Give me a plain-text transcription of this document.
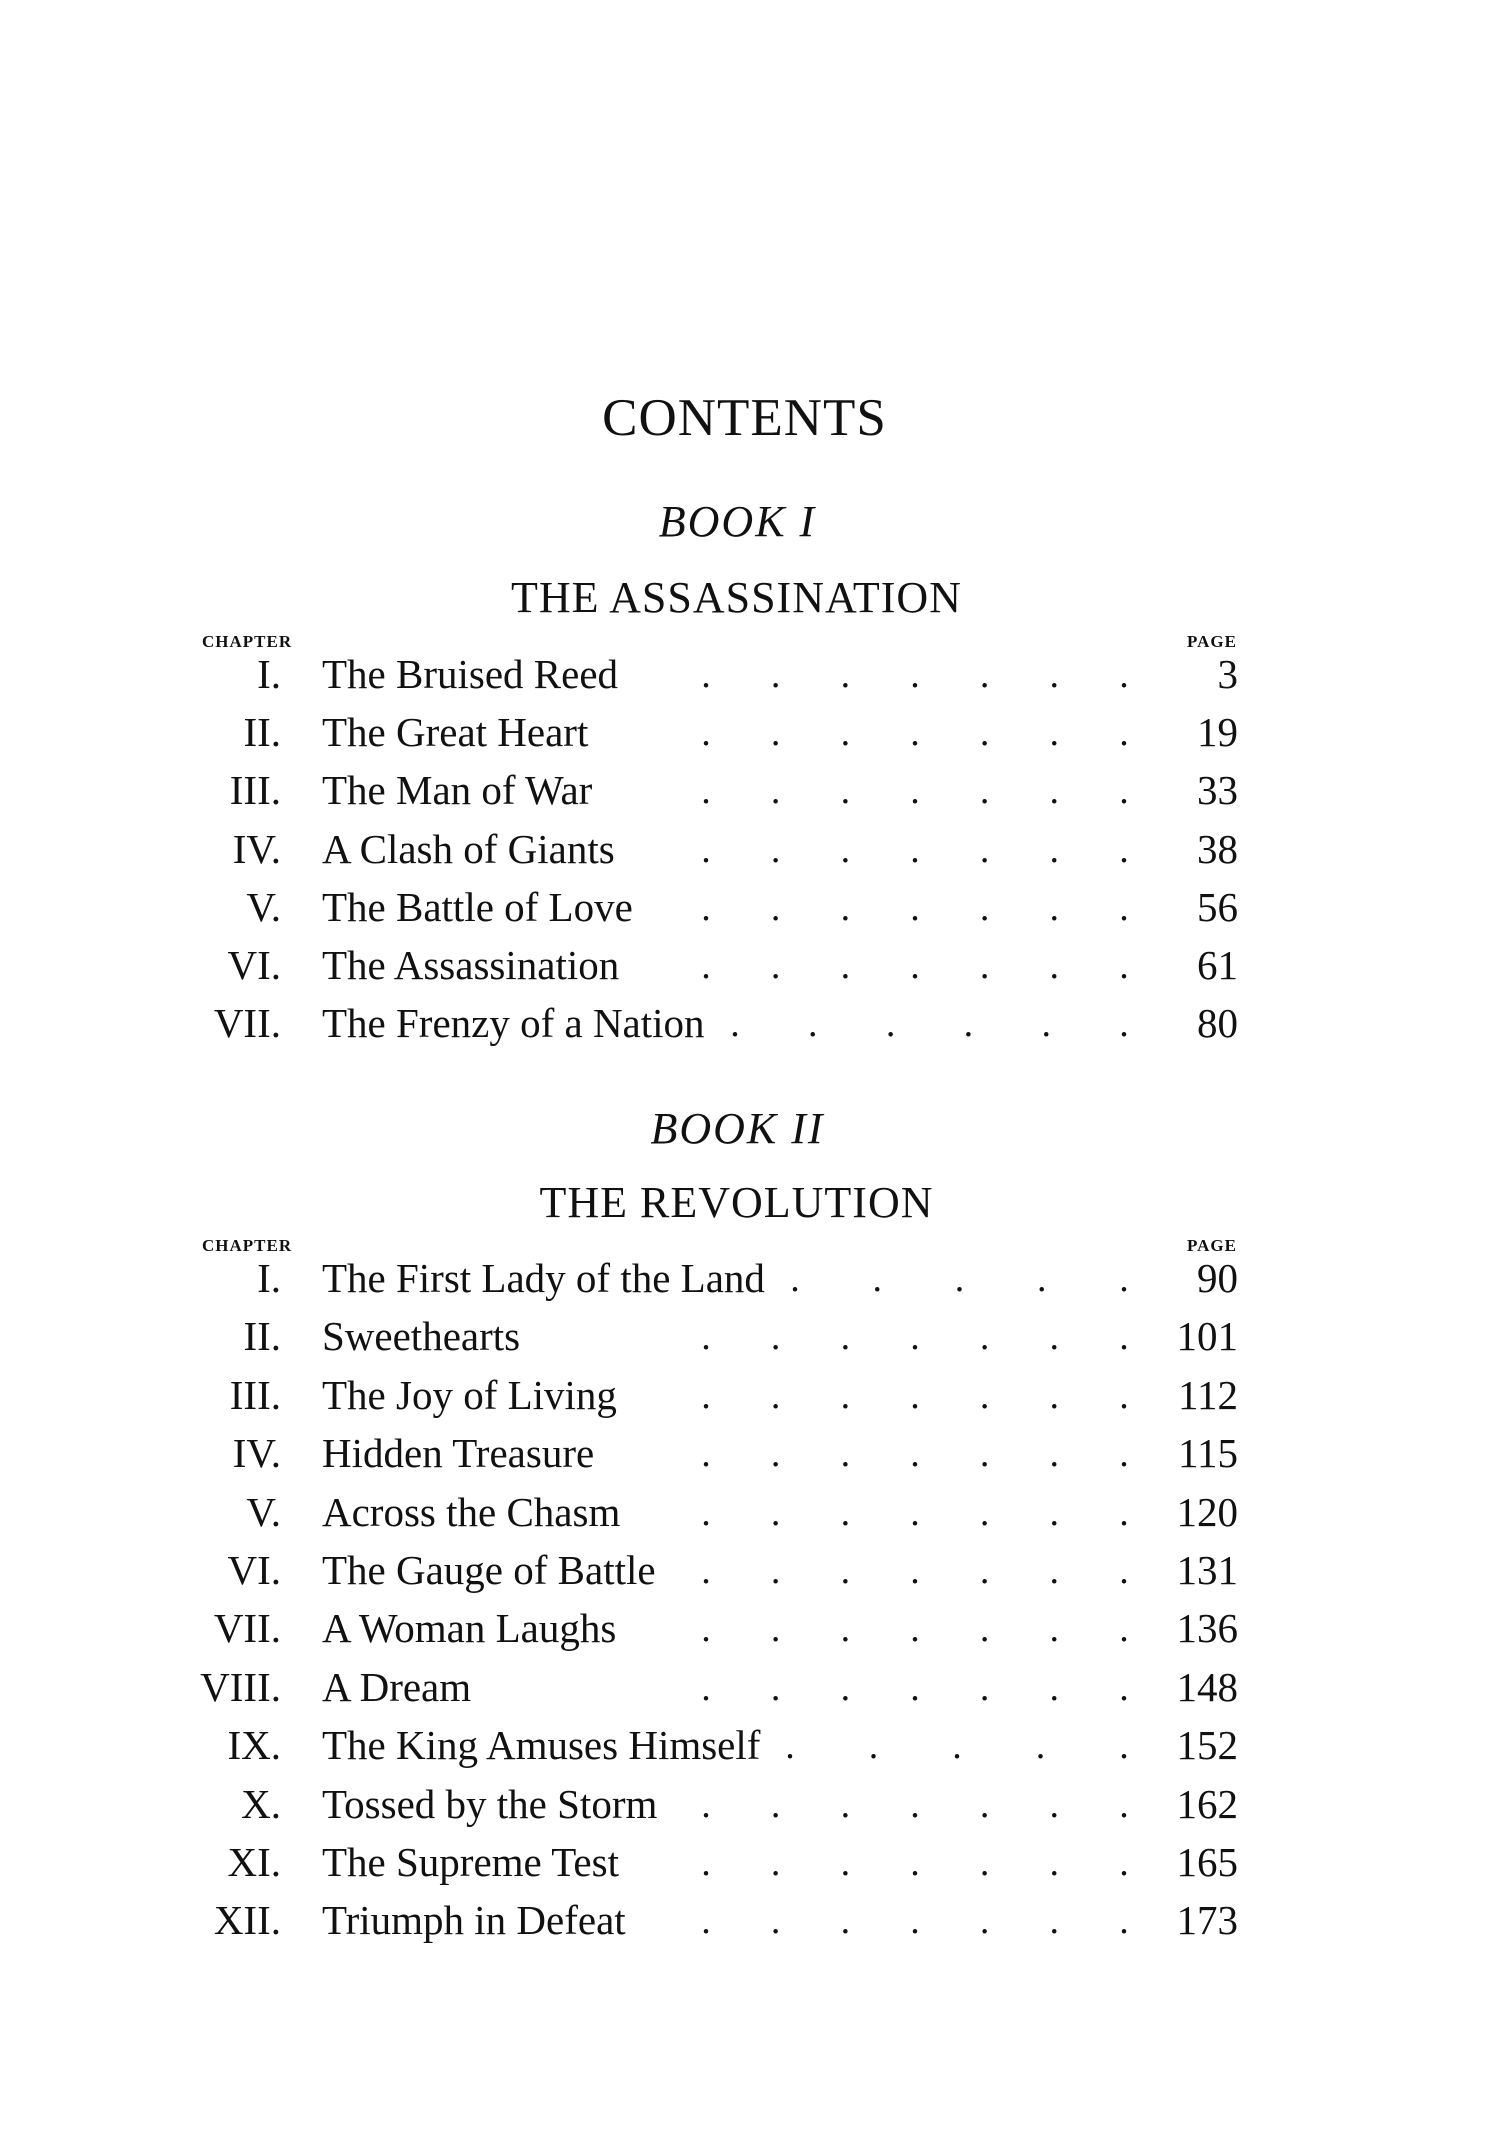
CONTENTS
BOOK I
THE ASSASSINATION
CHAPTER	PAGE
I. The Bruised Reed . . . . . . . 3
II. The Great Heart	. . . . . . . 19
III. The Man of War	. . . . . . . 33
IV. A Clash of Giants . . . . . . . 38
V. The Battle of Love . . . . . . . 56
VI. The Assassination . . . . . . . 61
VII. The Frenzy of a Nation . . . . . . 80
BOOK II
THE REVOLUTION
CHAPTER	PAGE
I. The First Lady of the Land . . . . . 90
II. Sweethearts	. . . . . . . 101
III. The Joy of Living . . . . . . . 112
IV. Hidden Treasure	. . . . . . . 115
V. Across the Chasm . . . . . . . 120
VI. The Gauge of Battle . . . . . . . 131
VII. A Woman Laughs . . . . . . . 136
VIII. A Dream	. . . . . . . 148
IX. The King Amuses Himself . . . . . 152
X. Tossed by the Storm . . . . . . . 162
XI. The Supreme Test . . . . . . . 165
XII. Triumph in Defeat . . . . . . . 173
